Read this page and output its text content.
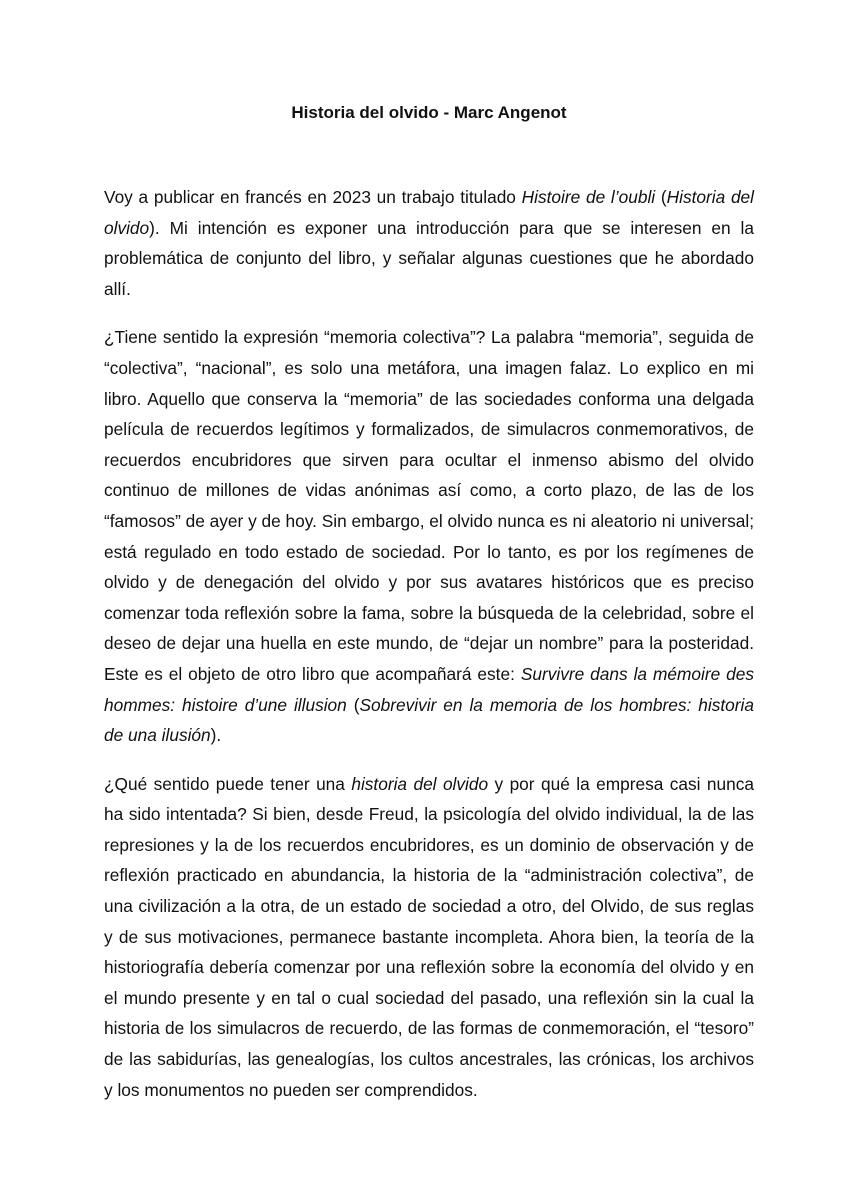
Historia del olvido - Marc Angenot

Voy a publicar en francés en 2023 un trabajo titulado Histoire de l’oubli (Historia del olvido). Mi intención es exponer una introducción para que se interesen en la problemática de conjunto del libro, y señalar algunas cuestiones que he abordado allí.

¿Tiene sentido la expresión “memoria colectiva”? La palabra “memoria”, seguida de “colectiva”, “nacional”, es solo una metáfora, una imagen falaz. Lo explico en mi libro. Aquello que conserva la “memoria” de las sociedades conforma una delgada película de recuerdos legítimos y formalizados, de simulacros conmemorativos, de recuerdos encubridores que sirven para ocultar el inmenso abismo del olvido continuo de millones de vidas anónimas así como, a corto plazo, de las de los “famosos” de ayer y de hoy. Sin embargo, el olvido nunca es ni aleatorio ni universal; está regulado en todo estado de sociedad. Por lo tanto, es por los regímenes de olvido y de denegación del olvido y por sus avatares históricos que es preciso comenzar toda reflexión sobre la fama, sobre la búsqueda de la celebridad, sobre el deseo de dejar una huella en este mundo, de “dejar un nombre” para la posteridad. Este es el objeto de otro libro que acompañará este: Survivre dans la mémoire des hommes: histoire d’une illusion (Sobrevivir en la memoria de los hombres: historia de una ilusión).

¿Qué sentido puede tener una historia del olvido y por qué la empresa casi nunca ha sido intentada? Si bien, desde Freud, la psicología del olvido individual, la de las represiones y la de los recuerdos encubridores, es un dominio de observación y de reflexión practicado en abundancia, la historia de la “administración colectiva”, de una civilización a la otra, de un estado de sociedad a otro, del Olvido, de sus reglas y de sus motivaciones, permanece bastante incompleta. Ahora bien, la teoría de la historiografía debería comenzar por una reflexión sobre la economía del olvido y en el mundo presente y en tal o cual sociedad del pasado, una reflexión sin la cual la historia de los simulacros de recuerdo, de las formas de conmemoración, el “tesoro” de las sabidurías, las genealogías, los cultos ancestrales, las crónicas, los archivos y los monumentos no pueden ser comprendidos.
